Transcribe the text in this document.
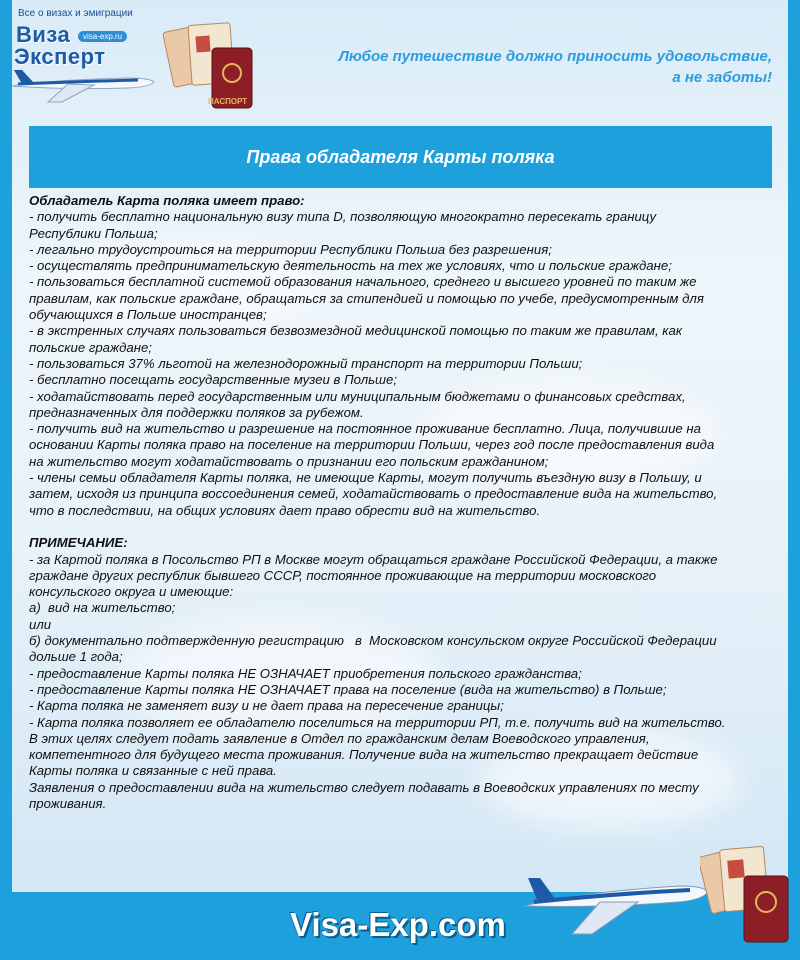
Все о визах и эмиграции
Виза	visa-exp.ru
Эксперт
ПАСПОРТ
Любое путешествие должно приносить удовольствие,
а не заботы!
Права обладателя Карты поляка
Обладатель Карта поляка имеет право:
- получить бесплатно национальную визу типа D, позволяющую многократно пересекать границу
Республики Польша;
- легально трудоустроиться на территории Республики Польша без разрешения;
- осуществлять предпринимательскую деятельность на тех же условиях, что и польские граждане;
- пользоваться бесплатной системой образования начального, среднего и высшего уровней по таким же
правилам, как польские граждане, обращаться за стипендией и помощью по учебе, предусмотренным для
обучающихся в Польше иностранцев;
- в экстренных случаях пользоваться безвозмездной медицинской помощью по таким же правилам, как
польские граждане;
- пользоваться 37% льготой на железнодорожный транспорт на территории Польши;
- бесплатно посещать государственные музеи в Польше;
- ходатайствовать перед государственным или муниципальным бюджетами о финансовых средствах,
предназначенных для поддержки поляков за рубежом.
- получить вид на жительство и разрешение на постоянное проживание бесплатно. Лица, получившие на
основании Карты поляка право на поселение на территории Польши, через год после предоставления вида
на жительство могут ходатайствовать о признании его польским гражданином;
- члены семьи обладателя Карты поляка, не имеющие Карты, могут получить въездную визу в Польшу, и
затем, исходя из принципа воссоединения семей, ходатайствовать о предоставление вида на жительство,
что в последствии, на общих условиях дает право обрести вид на жительство.
ПРИМЕЧАНИЕ:
- за Картой поляка в Посольство РП в Москве могут обращаться граждане Российской Федерации, а также
граждане других республик бывшего СССР, постоянное проживающие на территории московского
консульского округа и имеющие:
а)  вид на жительство;
или
б) документально подтвержденную регистрацию   в  Московском консульском округе Российской Федерации
дольше 1 года;
- предоставление Карты поляка НЕ ОЗНАЧАЕТ приобретения польского гражданства;
- предоставление Карты поляка НЕ ОЗНАЧАЕТ права на поселение (вида на жительство) в Польше;
- Карта поляка не заменяет визу и не дает права на пересечение границы;
- Карта поляка позволяет ее обладателю поселиться на территории РП, т.е. получить вид на жительство.
В этих целях следует подать заявление в Отдел по гражданским делам Воеводского управления,
компетентного для будущего места проживания. Получение вида на жительство прекращает действие
Карты поляка и связанные с ней права.
Заявления о предоставлении вида на жительство следует подавать в Воеводских управлениях по месту
проживания.
Visa-Exp.com
